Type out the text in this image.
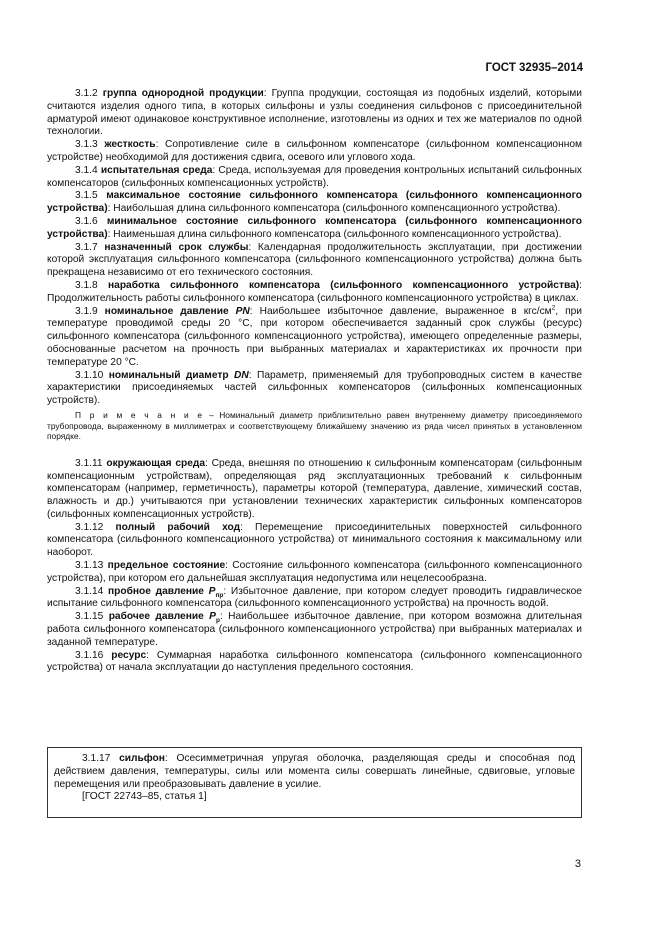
ГОСТ 32935–2014

3.1.2 группа однородной продукции: Группа продукции, состоящая из подобных изделий, которыми считаются изделия одного типа, в которых сильфоны и узлы соединения сильфонов с присоединительной арматурой имеют одинаковое конструктивное исполнение, изготовлены из одних и тех же материалов по одной технологии.

3.1.3 жесткость: Сопротивление силе в сильфонном компенсаторе (сильфонном компенсационном устройстве) необходимой для достижения сдвига, осевого или углового хода.

3.1.4 испытательная среда: Среда, используемая для проведения контрольных испытаний сильфонных компенсаторов (сильфонных компенсационных устройств).

3.1.5 максимальное состояние сильфонного компенсатора (сильфонного компенсационного устройства): Наибольшая длина сильфонного компенсатора (сильфонного компенсационного устройства).

3.1.6 минимальное состояние сильфонного компенсатора (сильфонного компенсационного устройства): Наименьшая длина сильфонного компенсатора (сильфонного компенсационного устройства).

3.1.7 назначенный срок службы: Календарная продолжительность эксплуатации, при достижении которой эксплуатация сильфонного компенсатора (сильфонного компенсационного устройства) должна быть прекращена независимо от его технического состояния.

3.1.8 наработка сильфонного компенсатора (сильфонного компенсационного устройства): Продолжительность работы сильфонного компенсатора (сильфонного компенсационного устройства) в циклах.

3.1.9 номинальное давление PN: Наибольшее избыточное давление, выраженное в кгс/$см^2$, при температуре проводимой среды 20 °С, при котором обеспечивается заданный срок службы (ресурс) сильфонного компенсатора (сильфонного компенсационного устройства), имеющего определенные размеры, обоснованные расчетом на прочность при выбранных материалах и характеристиках их прочности при температуре 20 °С.

3.1.10 номинальный диаметр DN: Параметр, применяемый для трубопроводных систем в качестве характеристики присоединяемых частей сильфонных компенсаторов (сильфонных компенсационных устройств).

П р и м е ч а н и е – Номинальный диаметр приблизительно равен внутреннему диаметру присоединяемого трубопровода, выраженному в миллиметрах и соответствующему ближайшему значению из ряда чисел принятых в установленном порядке.

3.1.11 окружающая среда: Среда, внешняя по отношению к сильфонным компенсаторам (сильфонным компенсационным устройствам), определяющая ряд эксплуатационных требований к сильфонным компенсаторам (например, герметичность), параметры которой (температура, давление, химический состав, влажность и др.) учитываются при установлении технических характеристик сильфонных компенсаторов (сильфонных компенсационных устройств).

3.1.12 полный рабочий ход: Перемещение присоединительных поверхностей сильфонного компенсатора (сильфонного компенсационного устройства) от минимального состояния к максимальному или наоборот.

3.1.13 предельное состояние: Состояние сильфонного компенсатора (сильфонного компенсационного устройства), при котором его дальнейшая эксплуатация недопустима или нецелесообразна.

3.1.14 пробное давление $P_{пр}$: Избыточное давление, при котором следует проводить гидравлическое испытание сильфонного компенсатора (сильфонного компенсационного устройства) на прочность водой.

3.1.15 рабочее давление $P_р$: Наибольшее избыточное давление, при котором возможна длительная работа сильфонного компенсатора (сильфонного компенсационного устройства) при выбранных материалах и заданной температуре.

3.1.16 ресурс: Суммарная наработка сильфонного компенсатора (сильфонного компенсационного устройства) от начала эксплуатации до наступления предельного состояния.

3.1.17 сильфон: Осесимметричная упругая оболочка, разделяющая среды и способная под действием давления, температуры, силы или момента силы совершать линейные, сдвиговые, угловые перемещения или преобразовывать давление в усилие.

[ГОСТ 22743–85, статья 1]
3
